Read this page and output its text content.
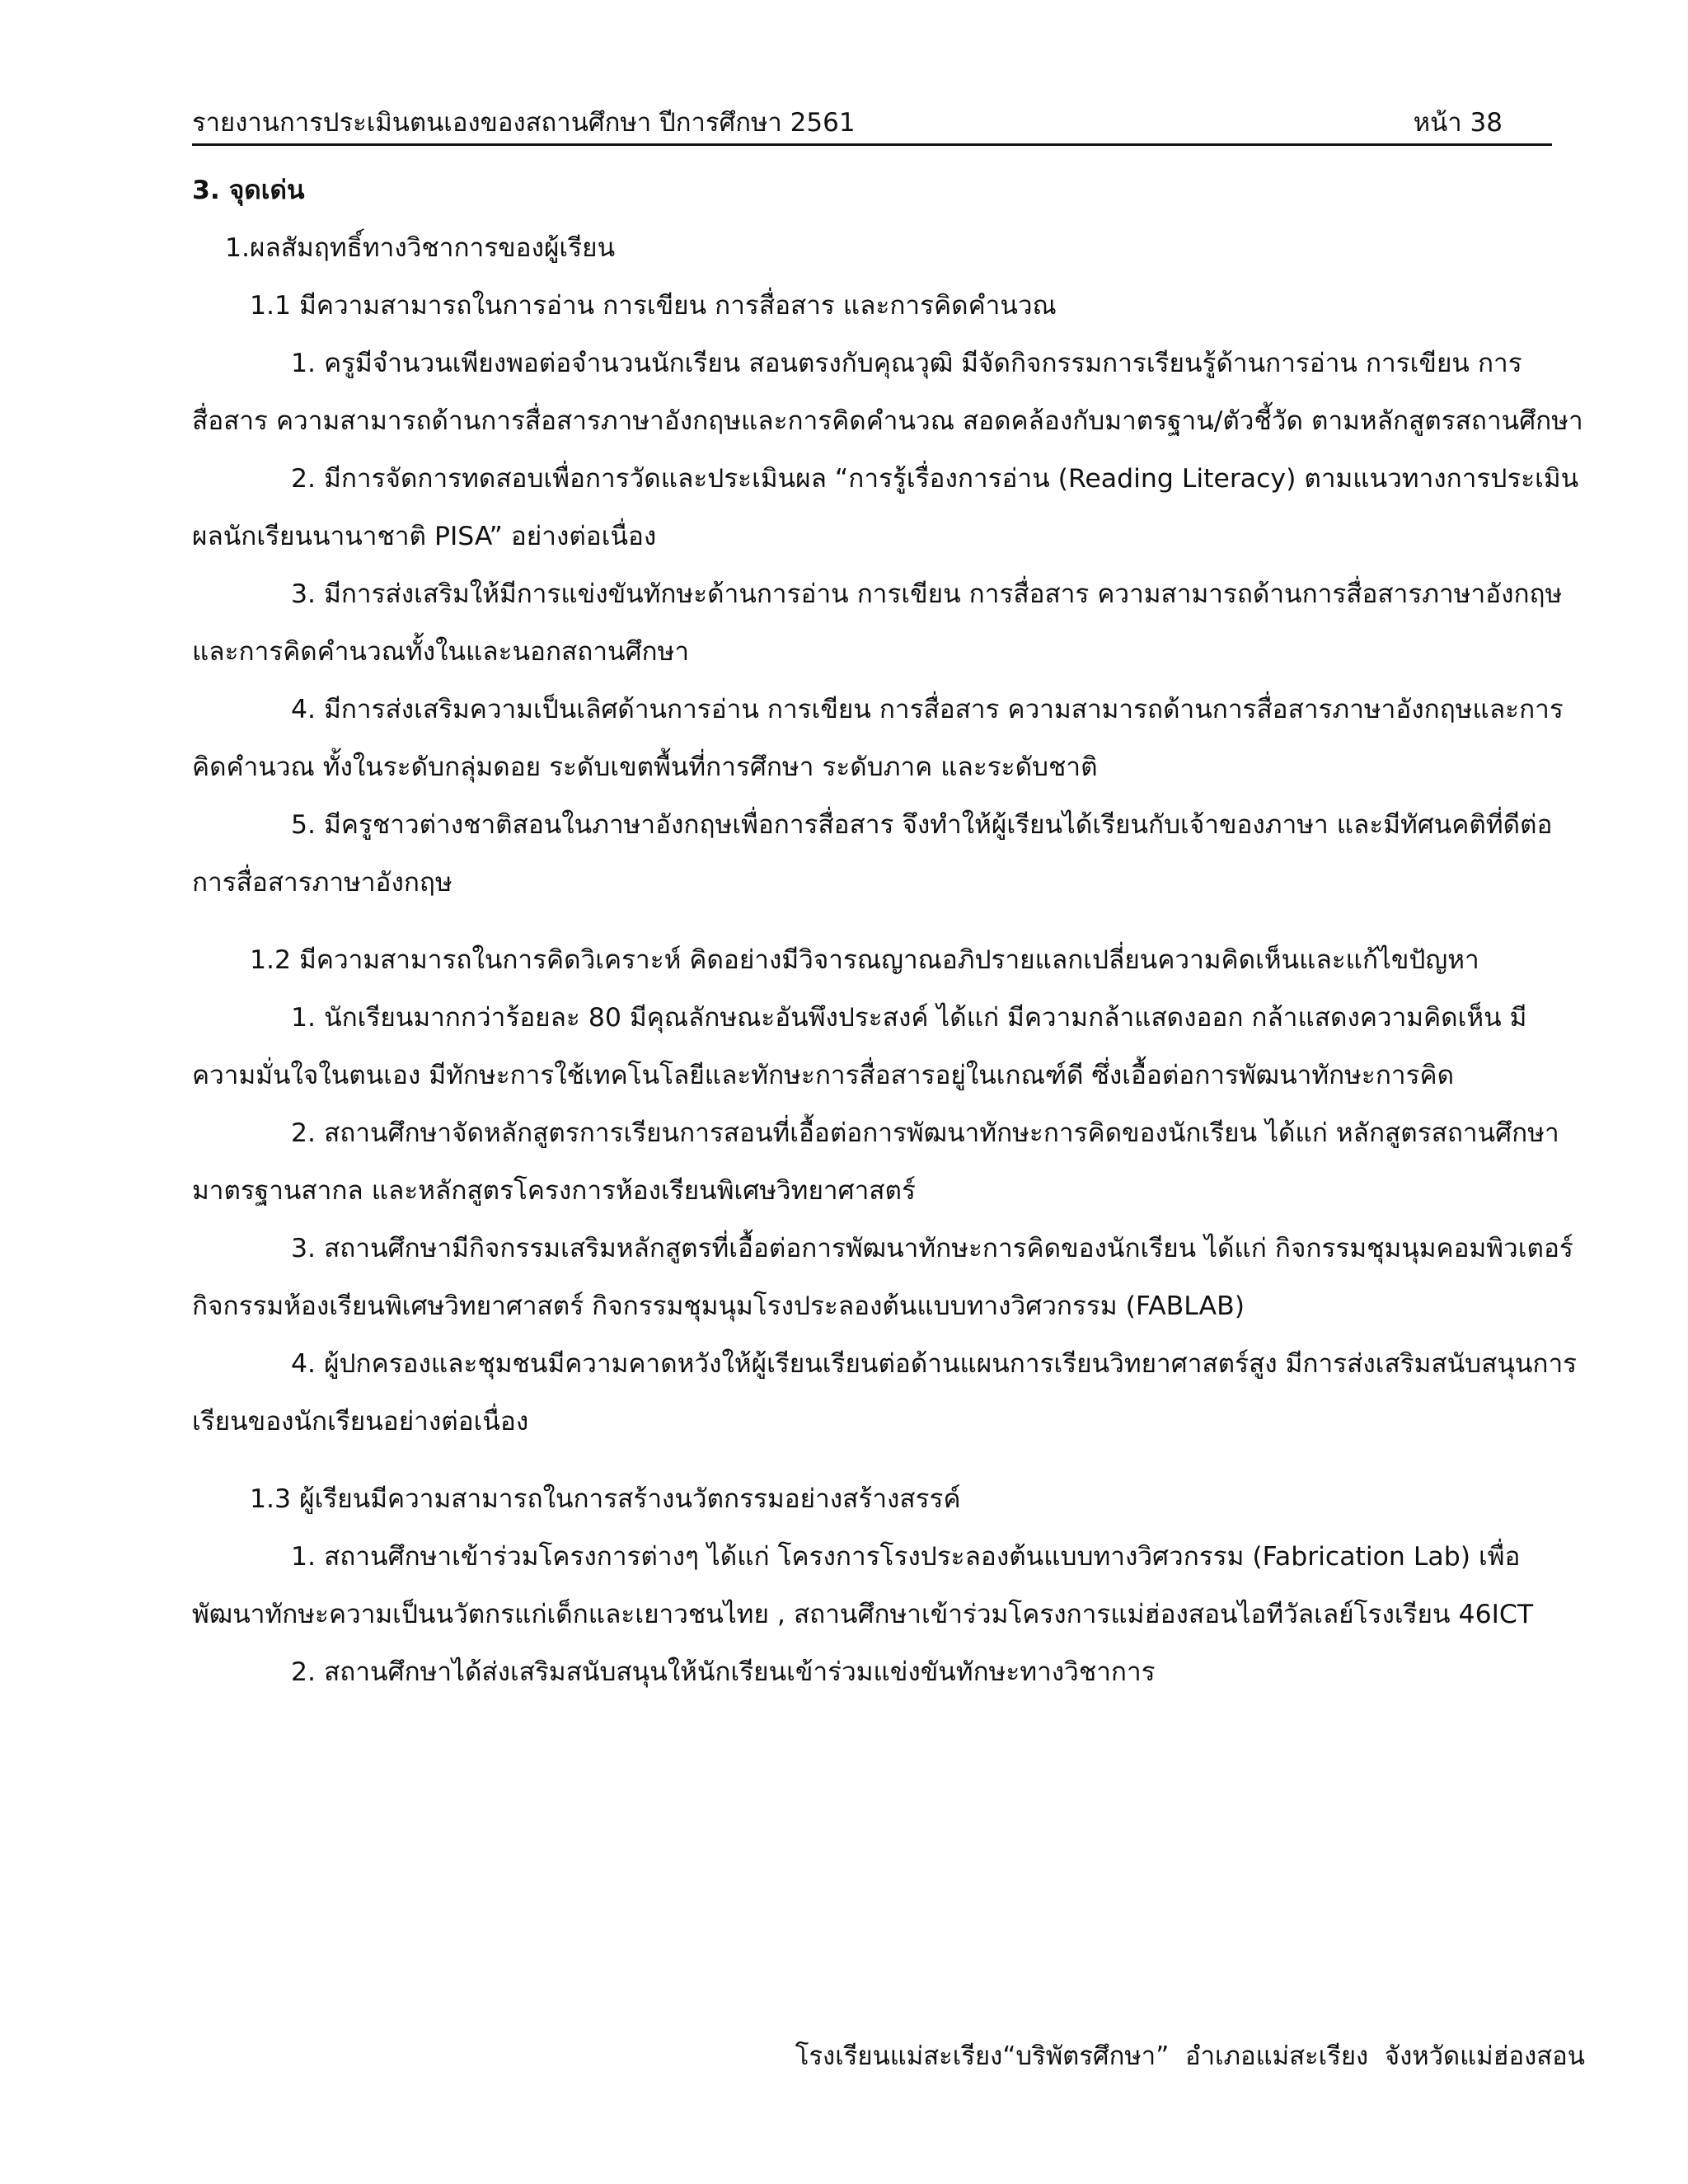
รายงานการประเมินตนเองของสถานศึกษา ปีการศึกษา 2561	หน้า 38

3. จุดเด่น

1.ผลสัมฤทธิ์ทางวิชาการของผู้เรียน

1.1 มีความสามารถในการอ่าน การเขียน การสื่อสาร และการคิดคำนวณ

1. ครูมีจำนวนเพียงพอต่อจำนวนนักเรียน สอนตรงกับคุณวุฒิ มีจัดกิจกรรมการเรียนรู้ด้านการอ่าน การเขียน การสื่อสาร ความสามารถด้านการสื่อสารภาษาอังกฤษและการคิดคำนวณ สอดคล้องกับมาตรฐาน/ตัวชี้วัด ตามหลักสูตรสถานศึกษา

2. มีการจัดการทดสอบเพื่อการวัดและประเมินผล “การรู้เรื่องการอ่าน (Reading Literacy) ตามแนวทางการประเมินผลนักเรียนนานาชาติ PISA” อย่างต่อเนื่อง

3. มีการส่งเสริมให้มีการแข่งขันทักษะด้านการอ่าน การเขียน การสื่อสาร ความสามารถด้านการสื่อสารภาษาอังกฤษและการคิดคำนวณทั้งในและนอกสถานศึกษา

4. มีการส่งเสริมความเป็นเลิศด้านการอ่าน การเขียน การสื่อสาร ความสามารถด้านการสื่อสารภาษาอังกฤษและการคิดคำนวณ ทั้งในระดับกลุ่มดอย ระดับเขตพื้นที่การศึกษา ระดับภาค และระดับชาติ

5. มีครูชาวต่างชาติสอนในภาษาอังกฤษเพื่อการสื่อสาร จึงทำให้ผู้เรียนได้เรียนกับเจ้าของภาษา และมีทัศนคติที่ดีต่อการสื่อสารภาษาอังกฤษ

1.2 มีความสามารถในการคิดวิเคราะห์ คิดอย่างมีวิจารณญาณอภิปรายแลกเปลี่ยนความคิดเห็นและแก้ไขปัญหา

1. นักเรียนมากกว่าร้อยละ 80 มีคุณลักษณะอันพึงประสงค์ ได้แก่ มีความกล้าแสดงออก กล้าแสดงความคิดเห็น มีความมั่นใจในตนเอง มีทักษะการใช้เทคโนโลยีและทักษะการสื่อสารอยู่ในเกณฑ์ดี ซึ่งเอื้อต่อการพัฒนาทักษะการคิด

2. สถานศึกษาจัดหลักสูตรการเรียนการสอนที่เอื้อต่อการพัฒนาทักษะการคิดของนักเรียน ได้แก่ หลักสูตรสถานศึกษามาตรฐานสากล และหลักสูตรโครงการห้องเรียนพิเศษวิทยาศาสตร์

3. สถานศึกษามีกิจกรรมเสริมหลักสูตรที่เอื้อต่อการพัฒนาทักษะการคิดของนักเรียน ได้แก่ กิจกรรมชุมนุมคอมพิวเตอร์ กิจกรรมห้องเรียนพิเศษวิทยาศาสตร์ กิจกรรมชุมนุมโรงประลองต้นแบบทางวิศวกรรม (FABLAB)

4. ผู้ปกครองและชุมชนมีความคาดหวังให้ผู้เรียนเรียนต่อด้านแผนการเรียนวิทยาศาสตร์สูง มีการส่งเสริมสนับสนุนการเรียนของนักเรียนอย่างต่อเนื่อง

1.3 ผู้เรียนมีความสามารถในการสร้างนวัตกรรมอย่างสร้างสรรค์

1. สถานศึกษาเข้าร่วมโครงการต่างๆ ได้แก่ โครงการโรงประลองต้นแบบทางวิศวกรรม (Fabrication Lab) เพื่อพัฒนาทักษะความเป็นนวัตกรแก่เด็กและเยาวชนไทย , สถานศึกษาเข้าร่วมโครงการแม่ฮ่องสอนไอทีวัลเลย์โรงเรียน 46ICT

2. สถานศึกษาได้ส่งเสริมสนับสนุนให้นักเรียนเข้าร่วมแข่งขันทักษะทางวิชาการ

โรงเรียนแม่สะเรียง“บริพัตรศึกษา”  อำเภอแม่สะเรียง  จังหวัดแม่ฮ่องสอน
